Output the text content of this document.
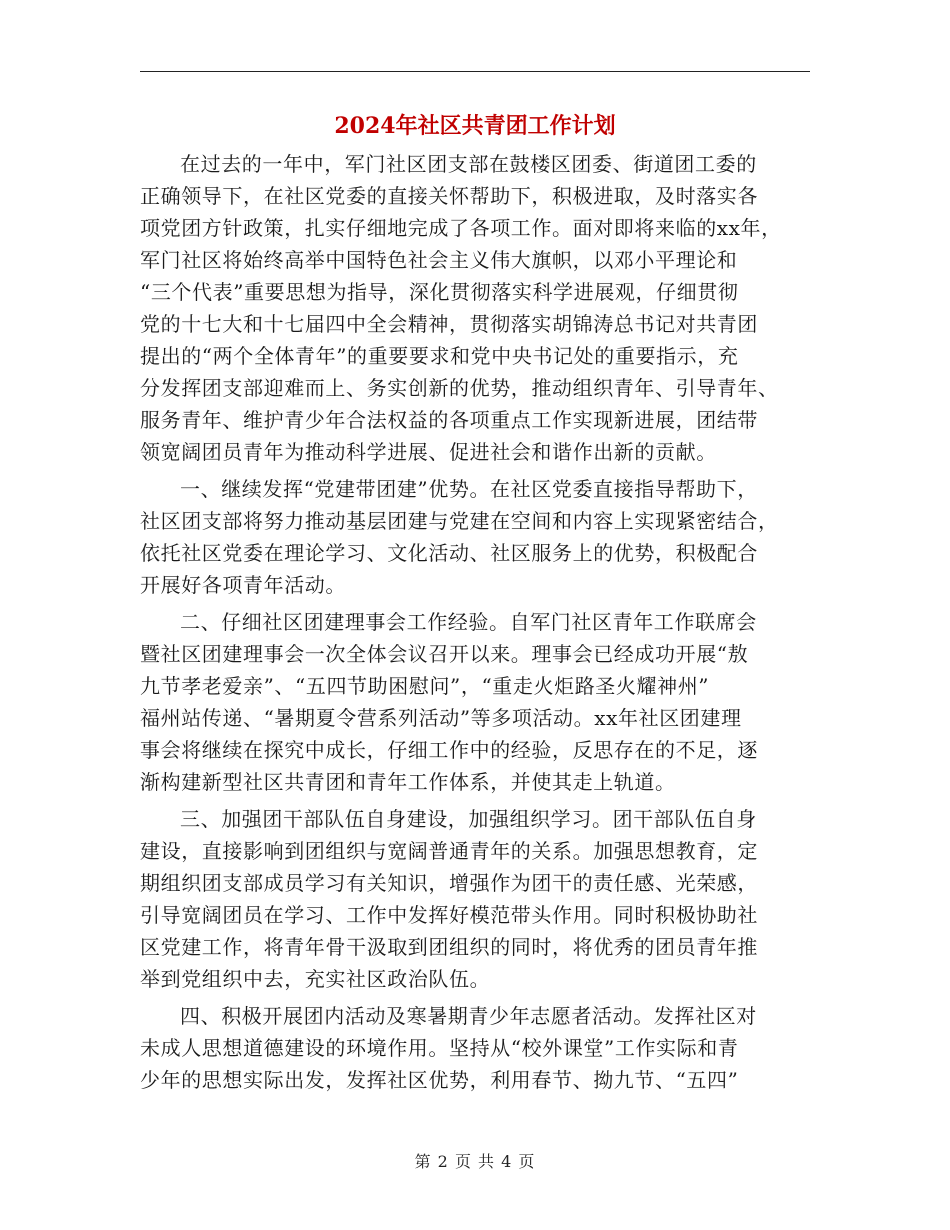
2024年社区共青团工作计划

在过去的一年中，军门社区团支部在鼓楼区团委、街道团工委的
正确领导下，在社区党委的直接关怀帮助下，积极进取，及时落实各
项党团方针政策，扎实仔细地完成了各项工作。面对即将来临的xx年，
军门社区将始终高举中国特色社会主义伟大旗帜，以邓小平理论和
“三个代表”重要思想为指导，深化贯彻落实科学进展观，仔细贯彻
党的十七大和十七届四中全会精神，贯彻落实胡锦涛总书记对共青团
提出的“两个全体青年”的重要要求和党中央书记处的重要指示，充
分发挥团支部迎难而上、务实创新的优势，推动组织青年、引导青年、
服务青年、维护青少年合法权益的各项重点工作实现新进展，团结带
领宽阔团员青年为推动科学进展、促进社会和谐作出新的贡献。

一、继续发挥“党建带团建”优势。在社区党委直接指导帮助下，
社区团支部将努力推动基层团建与党建在空间和内容上实现紧密结合，
依托社区党委在理论学习、文化活动、社区服务上的优势，积极配合
开展好各项青年活动。

二、仔细社区团建理事会工作经验。自军门社区青年工作联席会
暨社区团建理事会一次全体会议召开以来。理事会已经成功开展“敖
九节孝老爱亲”、“五四节助困慰问”，“重走火炬路圣火耀神州”
福州站传递、“暑期夏令营系列活动”等多项活动。xx年社区团建理
事会将继续在探究中成长，仔细工作中的经验，反思存在的不足，逐
渐构建新型社区共青团和青年工作体系，并使其走上轨道。

三、加强团干部队伍自身建设，加强组织学习。团干部队伍自身
建设，直接影响到团组织与宽阔普通青年的关系。加强思想教育，定
期组织团支部成员学习有关知识，增强作为团干的责任感、光荣感，
引导宽阔团员在学习、工作中发挥好模范带头作用。同时积极协助社
区党建工作，将青年骨干汲取到团组织的同时，将优秀的团员青年推
举到党组织中去，充实社区政治队伍。

四、积极开展团内活动及寒暑期青少年志愿者活动。发挥社区对
未成人思想道德建设的环境作用。坚持从“校外课堂”工作实际和青
少年的思想实际出发，发挥社区优势，利用春节、拗九节、“五四”

第 2 页 共 4 页
